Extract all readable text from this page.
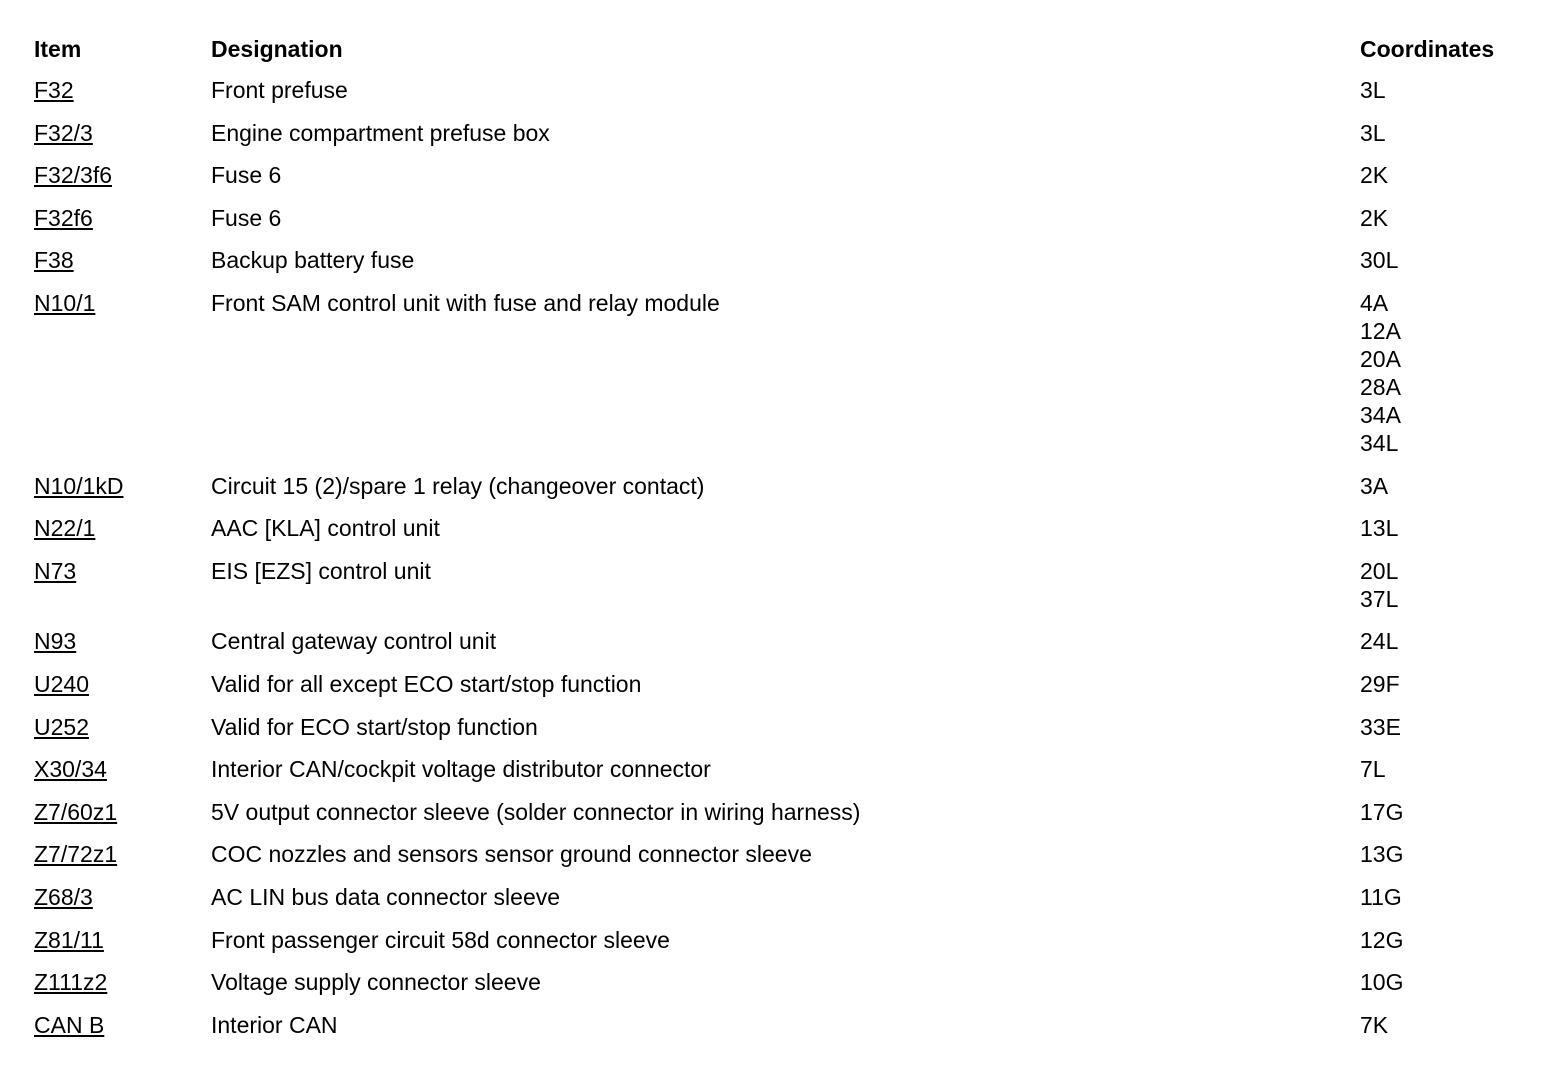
Item	Designation	Coordinates
F32	Front prefuse	3L
F32/3	Engine compartment prefuse box	3L
F32/3f6	Fuse 6	2K
F32f6	Fuse 6	2K
F38	Backup battery fuse	30L
N10/1	Front SAM control unit with fuse and relay module	4A
12A
20A
28A
34A
34L
N10/1kD	Circuit 15 (2)/spare 1 relay (changeover contact)	3A
N22/1	AAC [KLA] control unit	13L
N73	EIS [EZS] control unit	20L
37L
N93	Central gateway control unit	24L
U240	Valid for all except ECO start/stop function	29F
U252	Valid for ECO start/stop function	33E
X30/34	Interior CAN/cockpit voltage distributor connector	7L
Z7/60z1	5V output connector sleeve (solder connector in wiring harness)	17G
Z7/72z1	COC nozzles and sensors sensor ground connector sleeve	13G
Z68/3	AC LIN bus data connector sleeve	11G
Z81/11	Front passenger circuit 58d connector sleeve	12G
Z111z2	Voltage supply connector sleeve	10G
CAN B	Interior CAN	7K
